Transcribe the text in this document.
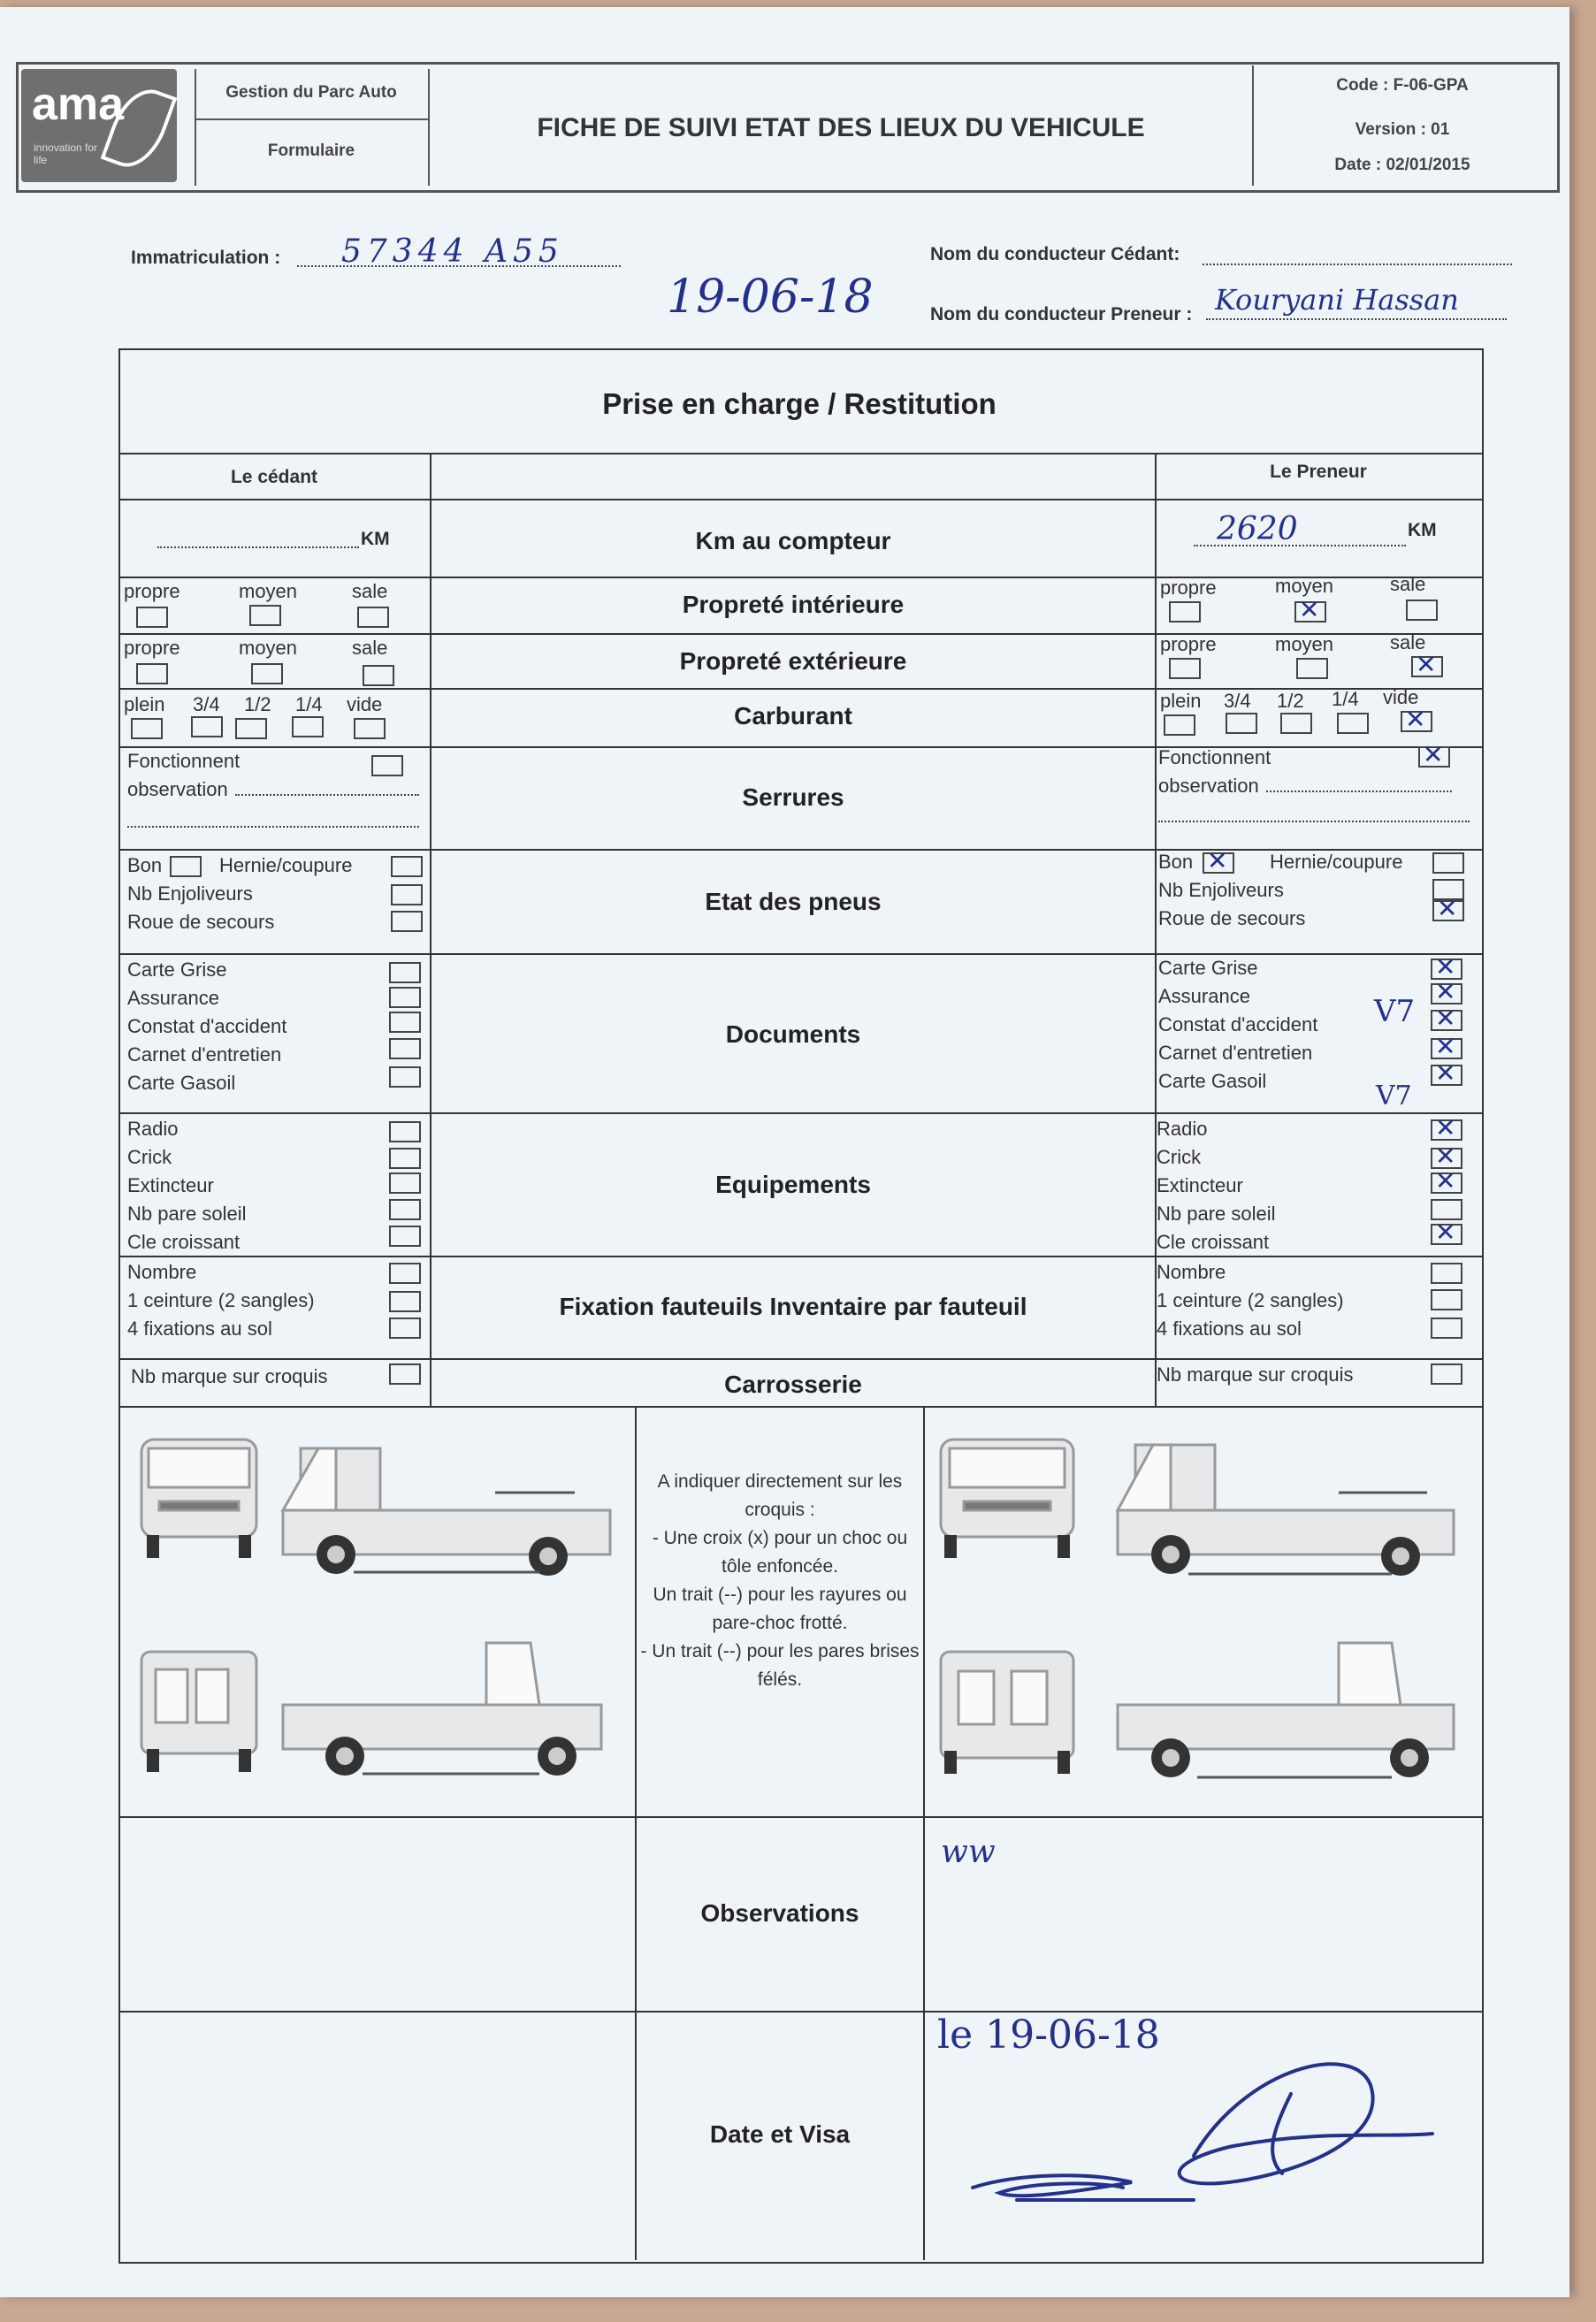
ama
innovation for life
Gestion du Parc Auto
Formulaire
FICHE DE SUIVI ETAT DES LIEUX DU VEHICULE
Code : F-06-GPA
Version : 01
Date : 02/01/2015
Immatriculation : 57344 A55
19-06-18
Nom du conducteur Cédant:
Nom du conducteur Preneur : Kouryani Hassan
Prise en charge / Restitution
Le cédant	Le Preneur
KM	Km au compteur	2620	KM
propre	moyen	sale	Propreté intérieure
propre	moyen	sale
✕
propre	moyen	sale	Propreté extérieure
propre	moyen	sale
✕
plein 3/4 1/2 1/4 vide	Carburant
plein 3/4 1/2 1/4 vide
✕
Fonctionnent
observation	Serrures
Fonctionnent
✕
observation
Bon	Hernie/coupure
Nb Enjoliveurs
Roue de secours
Etat des pneus
Bon
✕	Hernie/coupure
Nb Enjoliveurs
Roue de secours
✕
Carte Grise
Assurance
Constat d'accident
Carnet d'entretien
Carte Gasoil
Documents
Carte Grise
Assurance
Constat d'accident
Carnet d'entretien
Carte Gasoil
V7
V7
✕
✕
✕
✕
✕
Radio
Crick
Extincteur
Nb pare soleil
Cle croissant
Equipements
Radio
Crick
Extincteur
Nb pare soleil
Cle croissant
✕
✕
✕
✕
Nombre
1 ceinture (2 sangles)
4 fixations au sol
Fixation fauteuils Inventaire par fauteuil
Nombre
1 ceinture (2 sangles)
4 fixations au sol
Nb marque sur croquis	Carrosserie	Nb marque sur croquis
A indiquer directement sur les croquis :
- Une croix (x) pour un choc ou tôle enfoncée.
Un trait (--) pour les rayures ou pare-choc frotté.
- Un trait (--) pour les pares brises félés.
Observations
ww
Date et Visa
le 19-06-18
